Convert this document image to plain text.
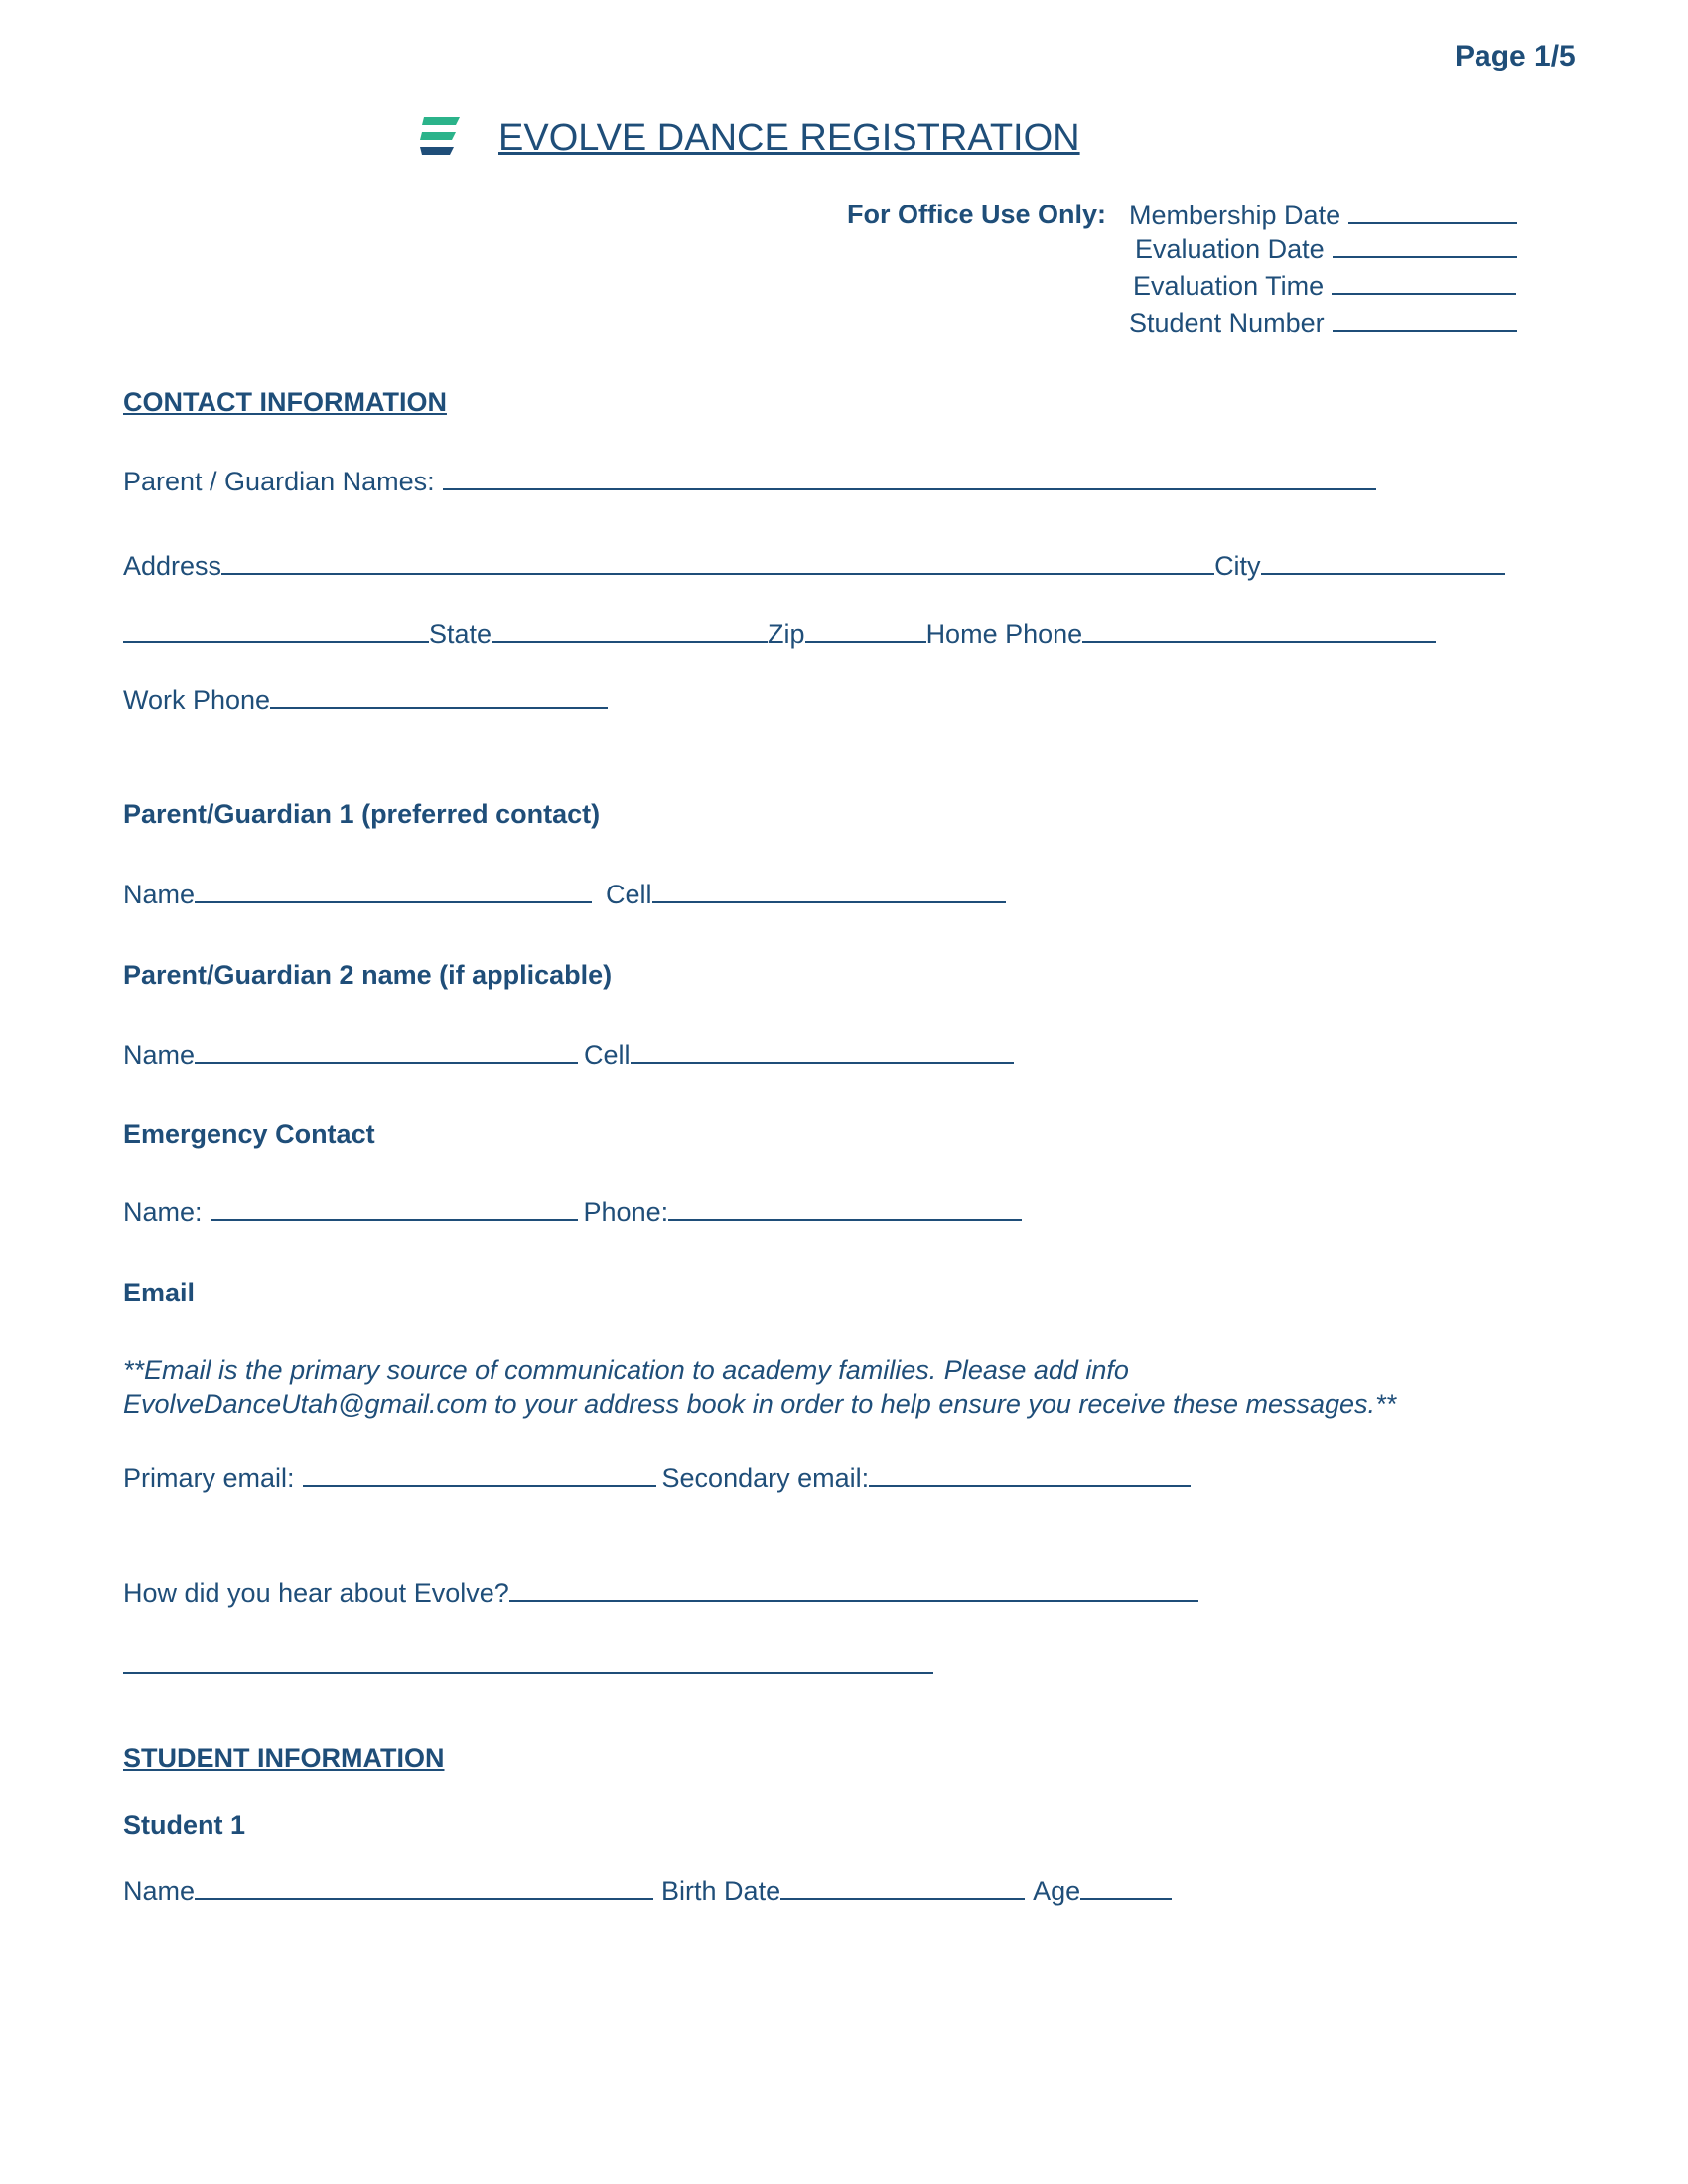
Page 1/5
EVOLVE DANCE REGISTRATION
For Office Use Only: Membership Date
Evaluation Date
Evaluation Time
Student Number
CONTACT INFORMATION
Parent / Guardian Names:
Address	City
State	Zip	Home Phone
Work Phone
Parent/Guardian 1 (preferred contact)
Name	Cell
Parent/Guardian 2 name (if applicable)
Name	Cell
Emergency Contact
Name:	Phone:
Email
**Email is the primary source of communication to academy families. Please add info
EvolveDanceUtah@gmail.com to your address book in order to help ensure you receive these messages.**
Primary email:	Secondary email:
How did you hear about Evolve?
STUDENT INFORMATION
Student 1
Name	Birth Date	Age
